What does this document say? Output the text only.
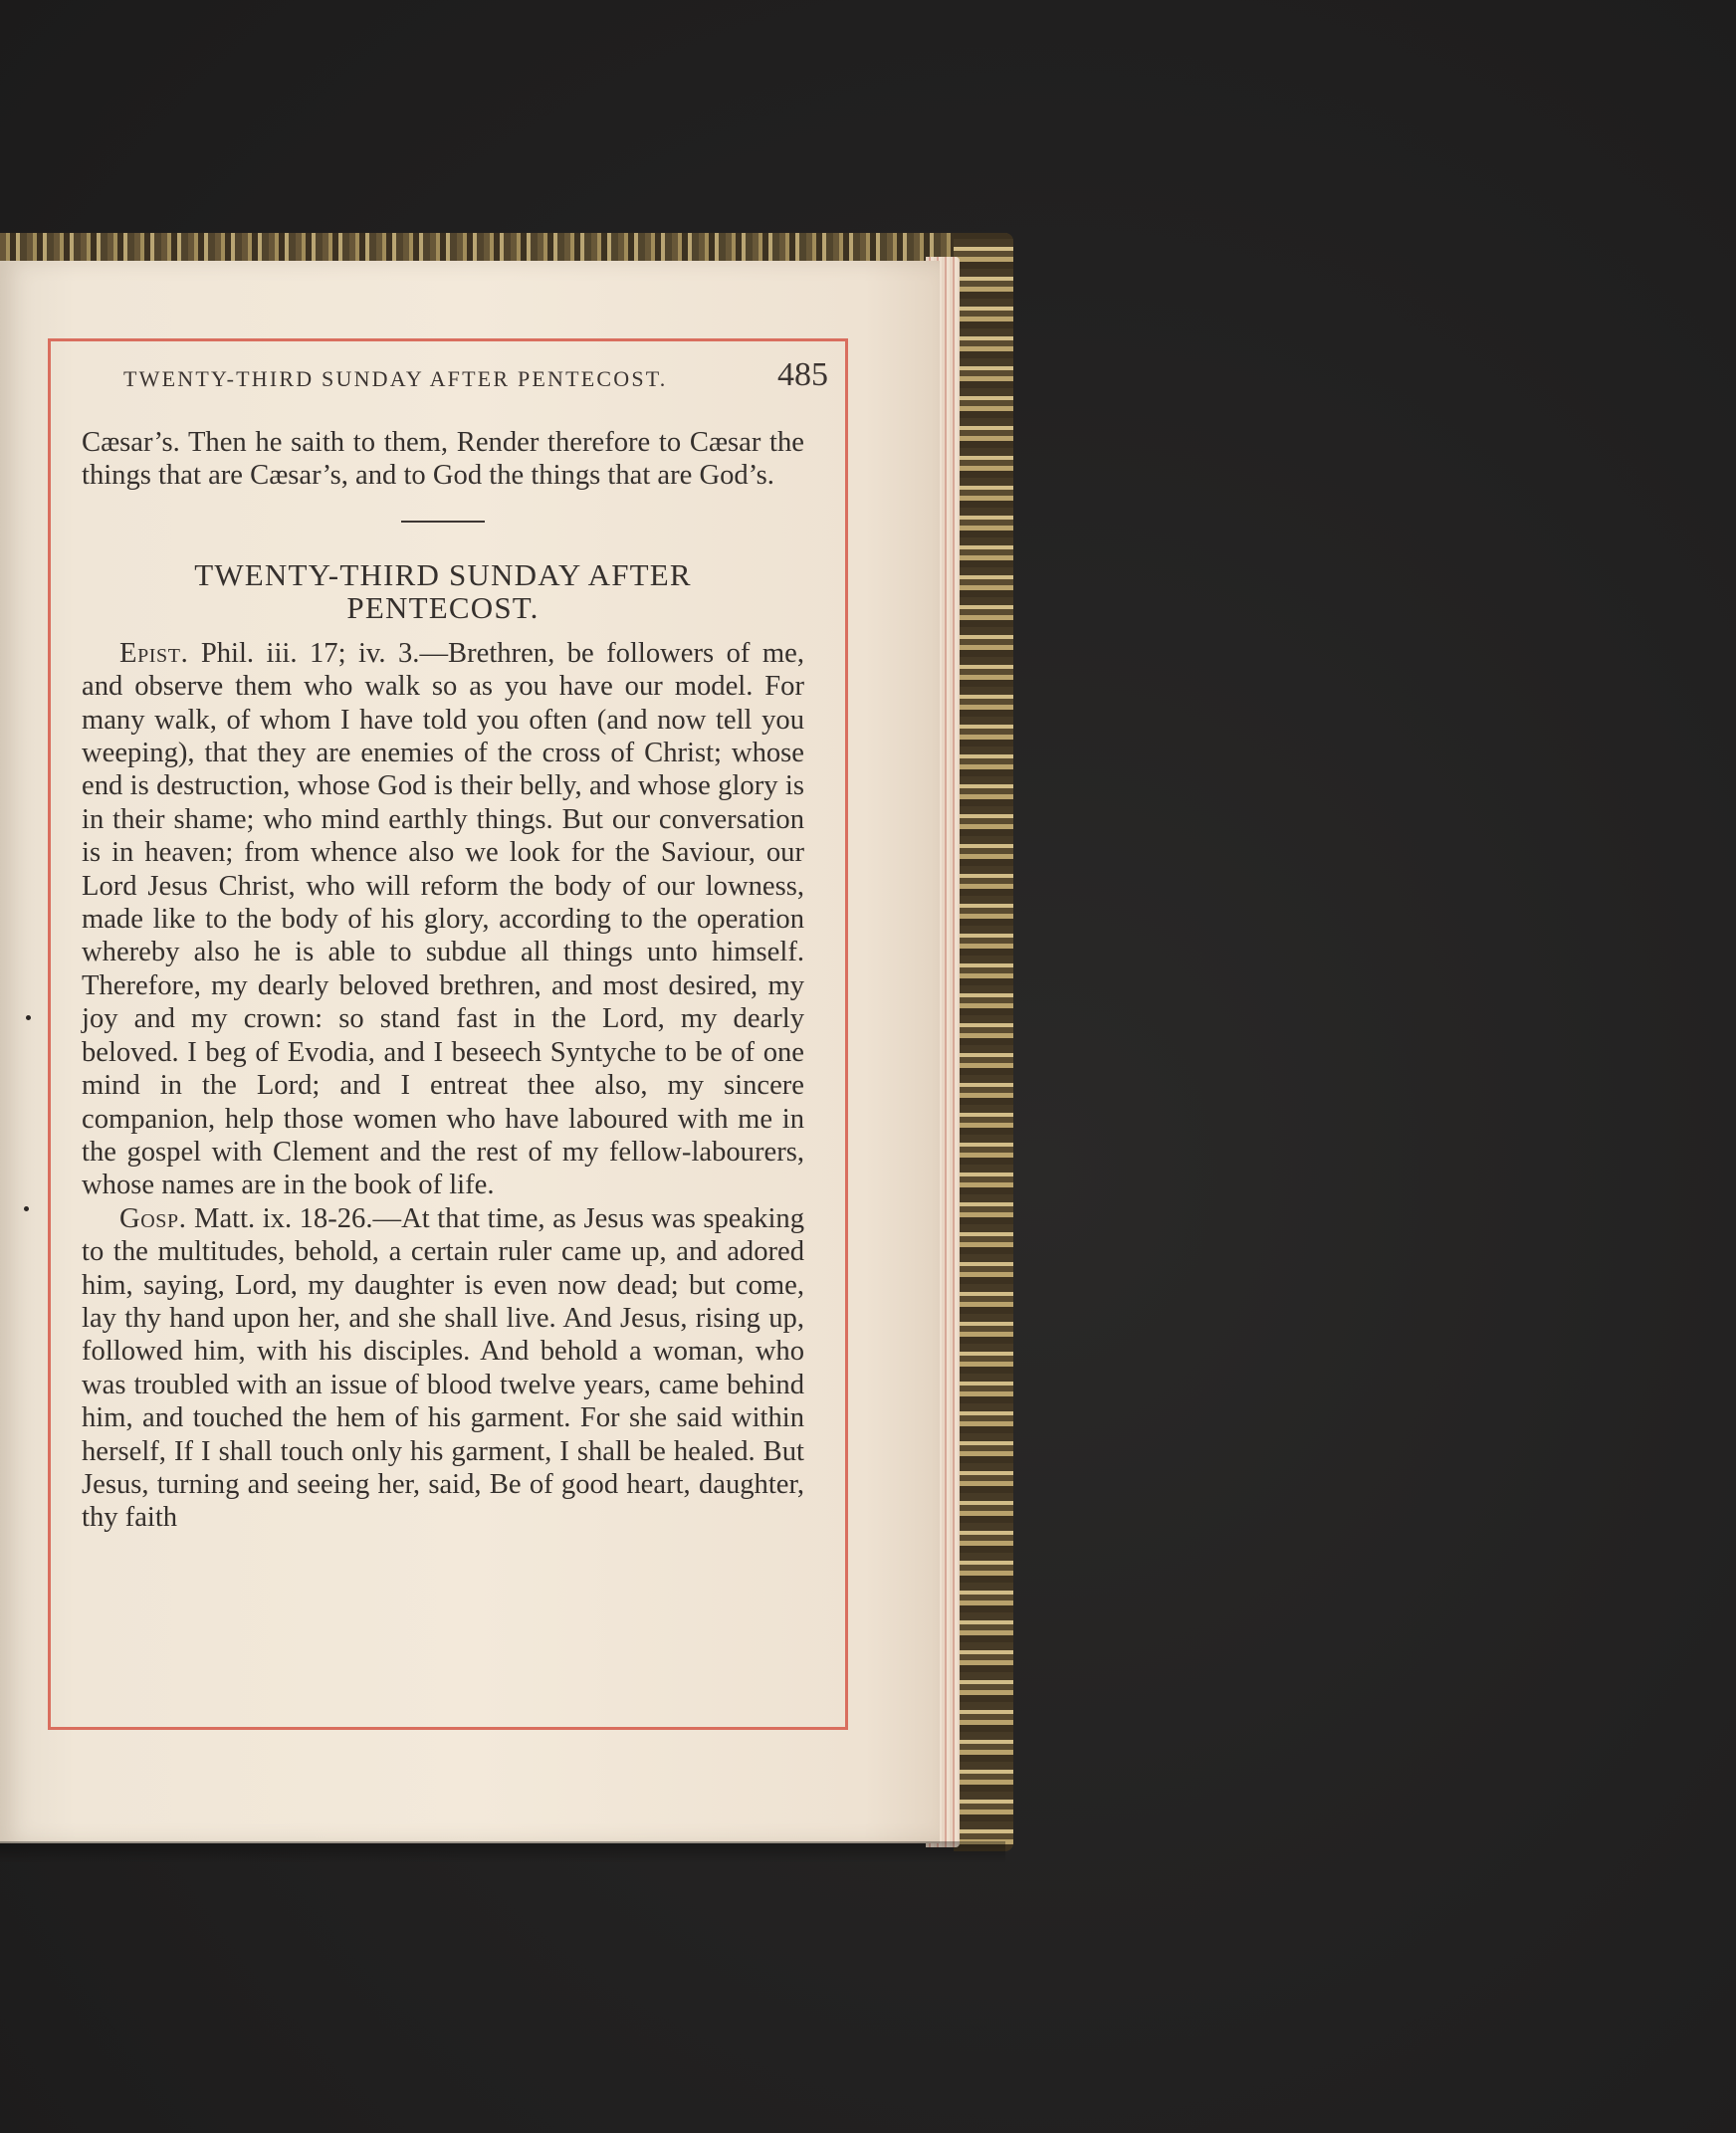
TWENTY-THIRD SUNDAY AFTER PENTECOST.	485

Cæsar’s. Then he saith to them, Render therefore to Cæsar the things that are Cæsar’s, and to God the things that are God’s.

TWENTY-THIRD SUNDAY AFTER
PENTECOST.

Epist. Phil. iii. 17; iv. 3.—Brethren, be followers of me, and observe them who walk so as you have our model. For many walk, of whom I have told you often (and now tell you weeping), that they are enemies of the cross of Christ; whose end is destruction, whose God is their belly, and whose glory is in their shame; who mind earthly things. But our conversation is in heaven; from whence also we look for the Saviour, our Lord Jesus Christ, who will reform the body of our lowness, made like to the body of his glory, according to the operation whereby also he is able to subdue all things unto himself. Therefore, my dearly beloved brethren, and most desired, my joy and my crown: so stand fast in the Lord, my dearly beloved. I beg of Evodia, and I beseech Syntyche to be of one mind in the Lord; and I entreat thee also, my sincere companion, help those women who have laboured with me in the gospel with Clement and the rest of my fellow-labourers, whose names are in the book of life.

Gosp. Matt. ix. 18-26.—At that time, as Jesus was speaking to the multitudes, behold, a certain ruler came up, and adored him, saying, Lord, my daughter is even now dead; but come, lay thy hand upon her, and she shall live. And Jesus, rising up, followed him, with his disciples. And behold a woman, who was troubled with an issue of blood twelve years, came behind him, and touched the hem of his garment. For she said within herself, If I shall touch only his garment, I shall be healed. But Jesus, turning and seeing her, said, Be of good heart, daughter, thy faith
